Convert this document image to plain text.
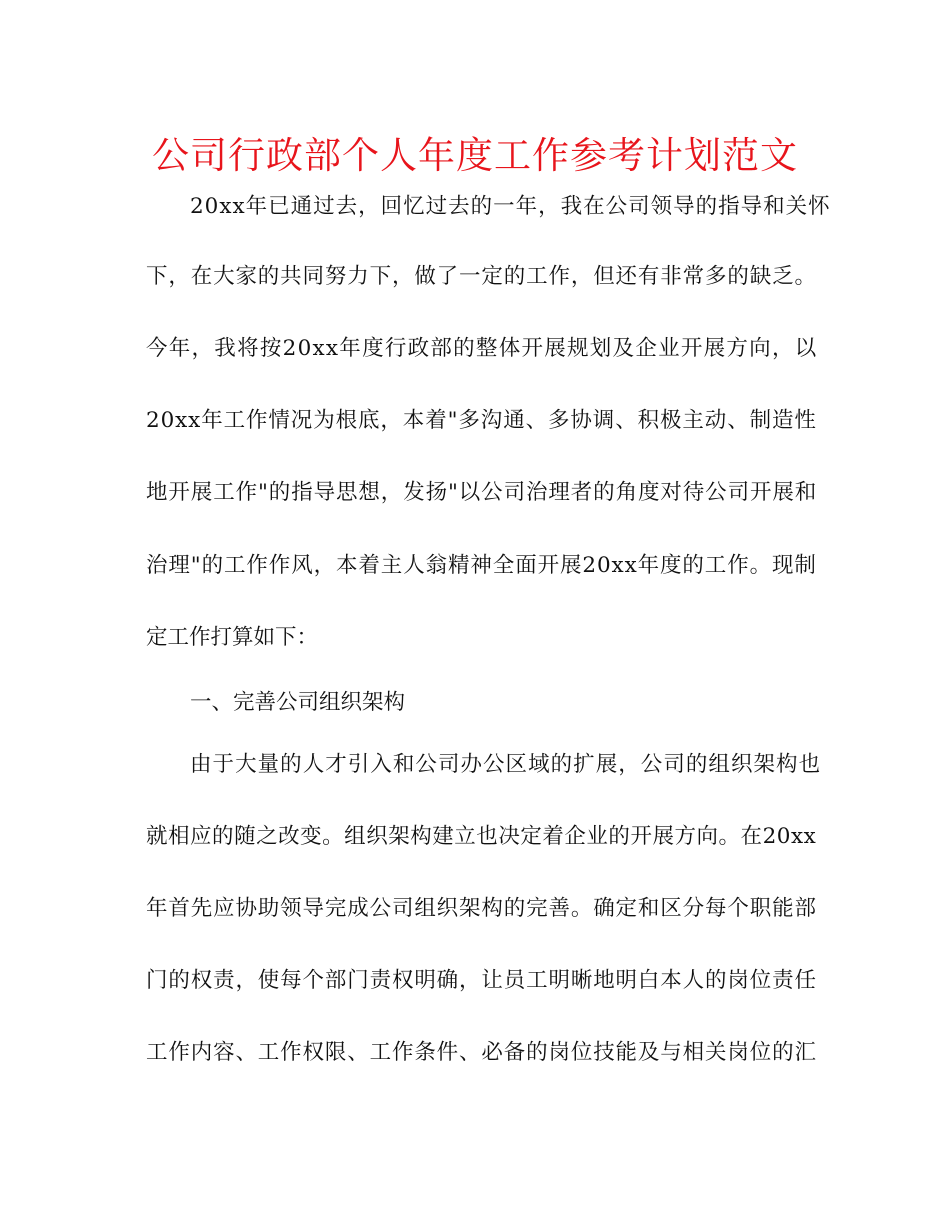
公司行政部个人年度工作参考计划范文

20xx年已通过去，回忆过去的一年，我在公司领导的指导和关怀

下，在大家的共同努力下，做了一定的工作，但还有非常多的缺乏。

今年，我将按20xx年度行政部的整体开展规划及企业开展方向，以

20xx年工作情况为根底，本着"多沟通、多协调、积极主动、制造性

地开展工作"的指导思想，发扬"以公司治理者的角度对待公司开展和

治理"的工作作风，本着主人翁精神全面开展20xx年度的工作。现制

定工作打算如下：

一、完善公司组织架构

由于大量的人才引入和公司办公区域的扩展，公司的组织架构也

就相应的随之改变。组织架构建立也决定着企业的开展方向。在20xx

年首先应协助领导完成公司组织架构的完善。确定和区分每个职能部

门的权责，使每个部门责权明确，让员工明晰地明白本人的岗位责任

工作内容、工作权限、工作条件、必备的岗位技能及与相关岗位的汇
